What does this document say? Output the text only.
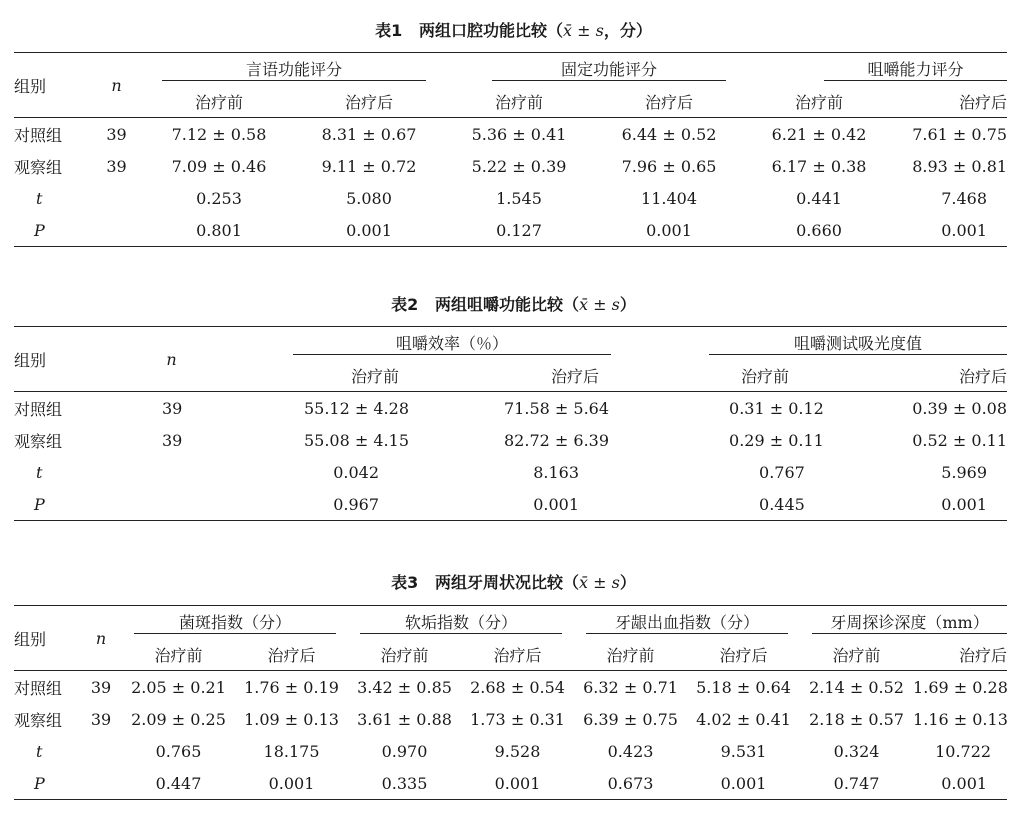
表1 两组口腔功能比较（x̄ ± s，分）
组别	n	言语功能评分		固定功能评分		咀嚼能力评分	

		治疗前	治疗后	治疗前	治疗后	治疗前	治疗后
对照组	39	7.12 ± 0.58	8.31 ± 0.67	5.36 ± 0.41	6.44 ± 0.52	6.21 ± 0.42	7.61 ± 0.75
观察组	39	7.09 ± 0.46	9.11 ± 0.72	5.22 ± 0.39	7.96 ± 0.65	6.17 ± 0.38	8.93 ± 0.81
t		0.253	5.080	1.545	11.404	0.441	7.468
P		0.801	0.001	0.127	0.001	0.660	0.001
表2 两组咀嚼功能比较（x̄ ± s）
组别	n	咀嚼效率（％）		咀嚼测试吸光度值	

		治疗前	治疗后	治疗前	治疗后
对照组	39	55.12 ± 4.28	71.58 ± 5.64	0.31 ± 0.12	0.39 ± 0.08
观察组	39	55.08 ± 4.15	82.72 ± 6.39	0.29 ± 0.11	0.52 ± 0.11
t		0.042	8.163	0.767	5.969
P		0.967	0.001	0.445	0.001
表3 两组牙周状况比较（x̄ ± s）
组别	n	菌斑指数（分）		软垢指数（分）		牙龈出血指数（分）		牙周探诊深度（mm）	

		治疗前	治疗后	治疗前	治疗后	治疗前	治疗后	治疗前	治疗后
对照组	39	2.05 ± 0.21	1.76 ± 0.19	3.42 ± 0.85	2.68 ± 0.54	6.32 ± 0.71	5.18 ± 0.64	2.14 ± 0.52	1.69 ± 0.28
观察组	39	2.09 ± 0.25	1.09 ± 0.13	3.61 ± 0.88	1.73 ± 0.31	6.39 ± 0.75	4.02 ± 0.41	2.18 ± 0.57	1.16 ± 0.13
t		0.765	18.175	0.970	9.528	0.423	9.531	0.324	10.722
P		0.447	0.001	0.335	0.001	0.673	0.001	0.747	0.001
